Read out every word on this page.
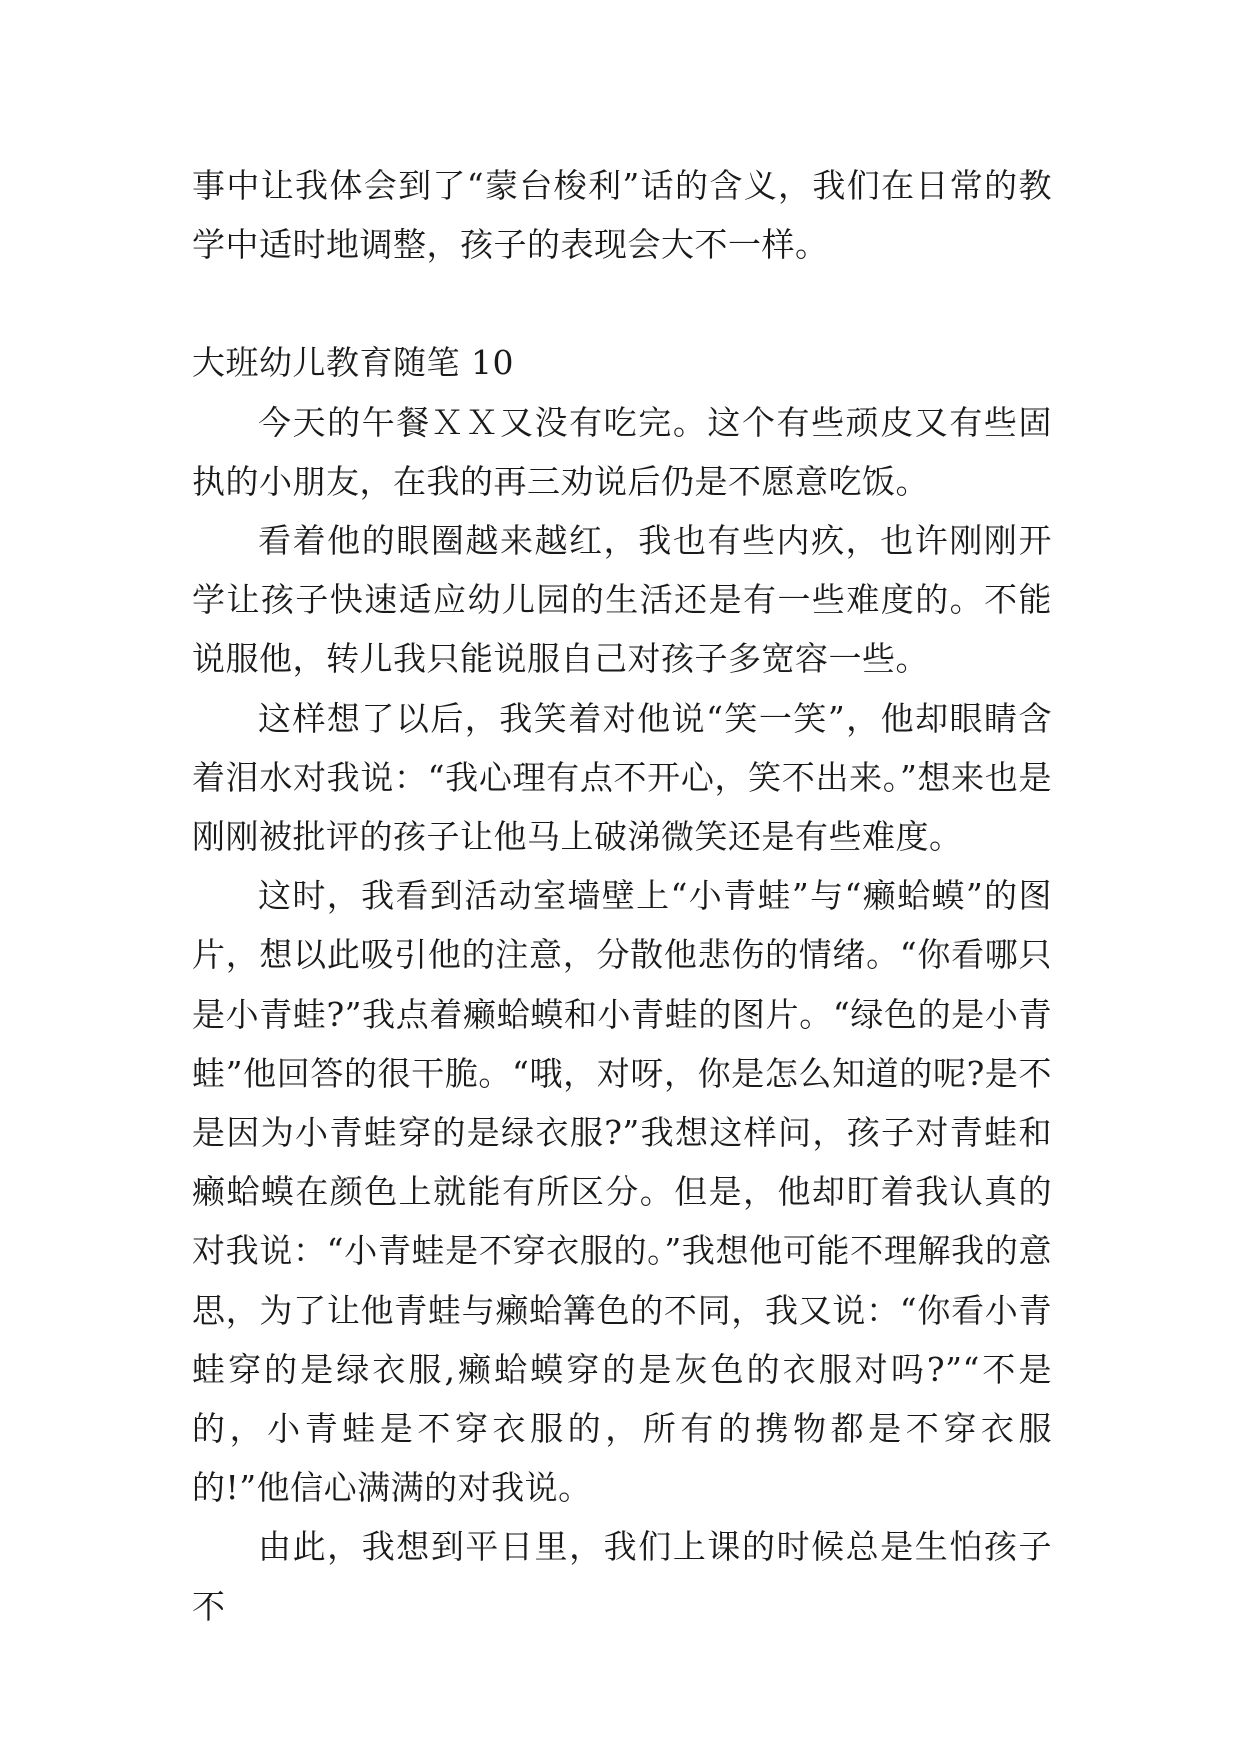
事中让我体会到了“蒙台梭利”话的含义，我们在日常的教学中适时地调整，孩子的表现会大不一样。

大班幼儿教育随笔 10

今天的午餐ＸＸ又没有吃完。这个有些顽皮又有些固执的小朋友，在我的再三劝说后仍是不愿意吃饭。

看着他的眼圈越来越红，我也有些内疚，也许刚刚开学让孩子快速适应幼儿园的生活还是有一些难度的。不能说服他，转儿我只能说服自己对孩子多宽容一些。

这样想了以后，我笑着对他说“笑一笑”，他却眼睛含着泪水对我说：“我心理有点不开心，笑不出来。”想来也是刚刚被批评的孩子让他马上破涕微笑还是有些难度。

这时，我看到活动室墙壁上“小青蛙”与“癞蛤蟆”的图片，想以此吸引他的注意，分散他悲伤的情绪。“你看哪只是小青蛙?”我点着癞蛤蟆和小青蛙的图片。“绿色的是小青蛙”他回答的很干脆。“哦，对呀，你是怎么知道的呢?是不是因为小青蛙穿的是绿衣服?”我想这样问，孩子对青蛙和癞蛤蟆在颜色上就能有所区分。但是，他却盯着我认真的对我说：“小青蛙是不穿衣服的。”我想他可能不理解我的意思，为了让他青蛙与癞蛤篝色的不同，我又说：“你看小青蛙穿的是绿衣服,癞蛤蟆穿的是灰色的衣服对吗?”“不是的，小青蛙是不穿衣服的，所有的携物都是不穿衣服的!”他信心满满的对我说。

由此，我想到平日里，我们上课的时候总是生怕孩子不
